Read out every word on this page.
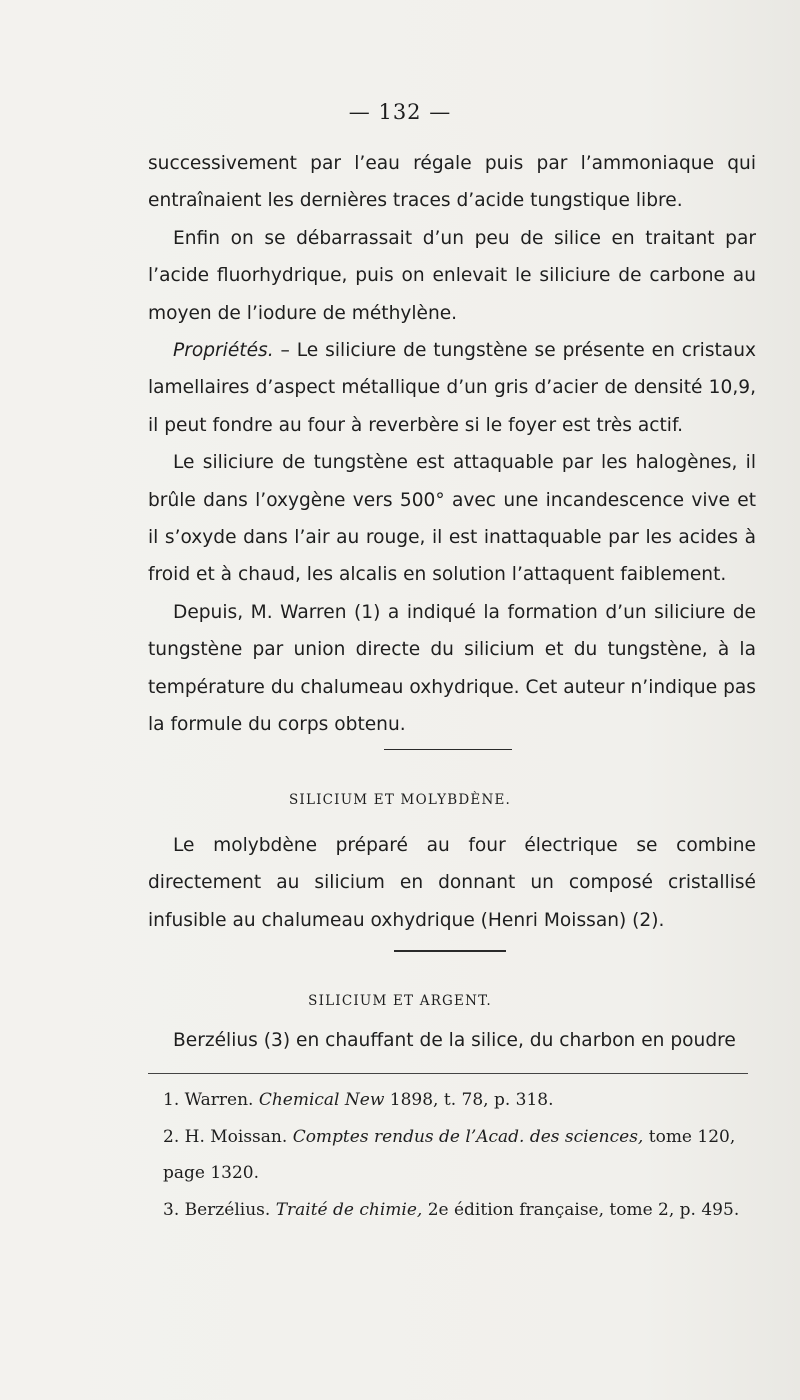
— 132 —

successivement par l’eau régale puis par l’ammoniaque qui entraînaient les dernières traces d’acide tungstique libre.

Enfin on se débarrassait d’un peu de silice en traitant par l’acide fluorhydrique, puis on enlevait le siliciure de carbone au moyen de l’iodure de méthylène.

Propriétés. – Le siliciure de tungstène se présente en cristaux lamellaires d’aspect métallique d’un gris d’acier de densité 10,9, il peut fondre au four à reverbère si le foyer est très actif.

Le siliciure de tungstène est attaquable par les halogènes, il brûle dans l’oxygène vers 500° avec une incandescence vive et il s’oxyde dans l’air au rouge, il est inattaquable par les acides à froid et à chaud, les alcalis en solution l’attaquent faiblement.

Depuis, M. Warren (1) a indiqué la formation d’un siliciure de tungstène par union directe du silicium et du tungstène, à la température du chalumeau oxhydrique. Cet auteur n’indique pas la formule du corps obtenu.

SILICIUM ET MOLYBDÈNE.

Le molybdène préparé au four électrique se combine directement au silicium en donnant un composé cristallisé infusible au chalumeau oxhydrique (Henri Moissan) (2).

SILICIUM ET ARGENT.

Berzélius (3) en chauffant de la silice, du charbon en poudre

1. Warren. Chemical New 1898, t. 78, p. 318.

2. H. Moissan. Comptes rendus de l’Acad. des sciences, tome 120, page 1320.

3. Berzélius. Traité de chimie, 2e édition française, tome 2, p. 495.
